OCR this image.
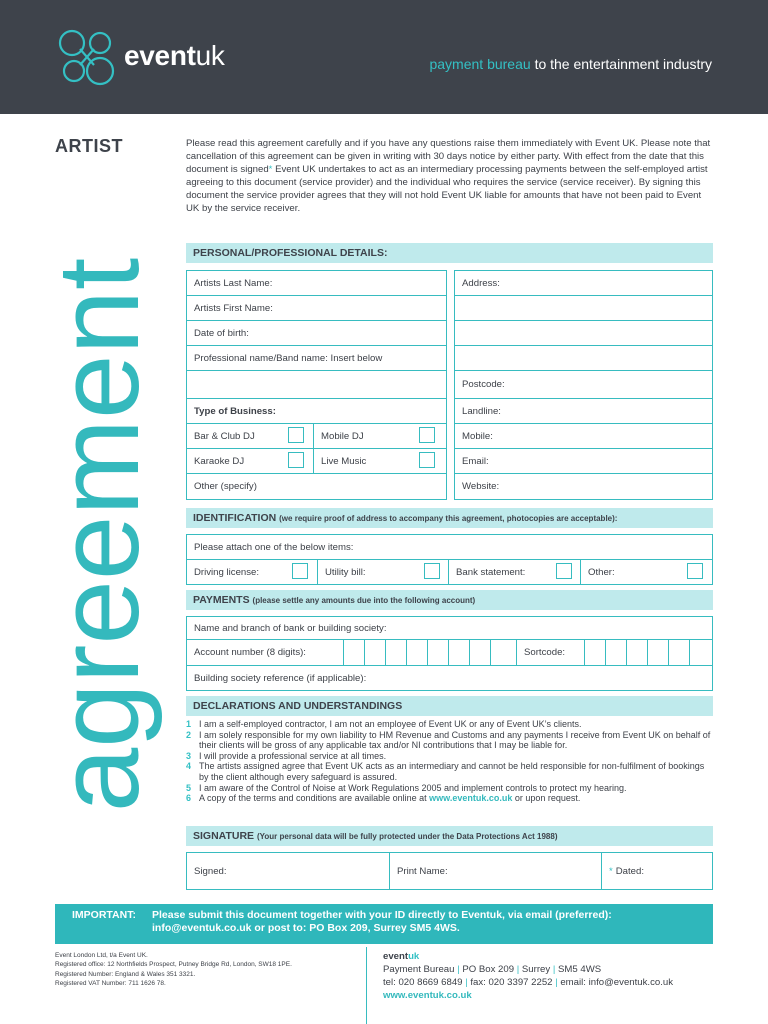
eventuk	payment bureau to the entertainment industry
agreement
ARTIST	Please read this agreement carefully and if you have any questions raise them immediately with Event UK. Please note that cancellation of this agreement can be given in writing with 30 days notice by either party. With effect from the date that this document is signed* Event UK undertakes to act as an intermediary processing payments between the self-employed artist agreeing to this document (service provider) and the individual who requires the service (service receiver). By signing this document the service provider agrees that they will not hold Event UK liable for amounts that have not been paid to Event UK by the service receiver.
PERSONAL/PROFESSIONAL DETAILS:
Artists Last Name:
Artists First Name:
Date of birth:
Professional name/Band name: Insert below
Type of Business:
Bar & Club DJ	Mobile DJ
Karaoke DJ	Live Music
Other (specify)
Address:
Postcode:
Landline:
Mobile:
Email:
Website:
IDENTIFICATION (we require proof of address to accompany this agreement, photocopies are acceptable):
Please attach one of the below items:
Driving license:	Utility bill:	Bank statement:	Other:
PAYMENTS (please settle any amounts due into the following account)
Name and branch of bank or building society:
Account number (8 digits):	Sortcode:
Building society reference (if applicable):
DECLARATIONS AND UNDERSTANDINGS
1 I am a self-employed contractor, I am not an employee of Event UK or any of Event UK’s clients.
2 I am solely responsible for my own liability to HM Revenue and Customs and any payments I receive from Event UK on behalf of their clients will be gross of any applicable tax and/or NI contributions that I may be liable for.
3 I will provide a professional service at all times.
4 The artists assigned agree that Event UK acts as an intermediary and cannot be held responsible for non-fulfilment of bookings by the client although every safeguard is assured.
5 I am aware of the Control of Noise at Work Regulations 2005 and implement controls to protect my hearing.
6 A copy of the terms and conditions are available online at www.eventuk.co.uk or upon request.
SIGNATURE (Your personal data will be fully protected under the Data Protections Act 1988)
Signed:	Print Name:	* Dated:
IMPORTANT: Please submit this document together with your ID directly to Eventuk, via email (preferred): info@eventuk.co.uk or post to: PO Box 209, Surrey SM5 4WS.
Event London Ltd, t/a Event UK.
Registered office: 12 Northfields Prospect, Putney Bridge Rd, London, SW18 1PE.
Registered Number: England & Wales 351 3321.
Registered VAT Number: 711 1626 78.
eventuk
Payment Bureau | PO Box 209 | Surrey | SM5 4WS
tel: 020 8669 6849 | fax: 020 3397 2252 | email: info@eventuk.co.uk
www.eventuk.co.uk
